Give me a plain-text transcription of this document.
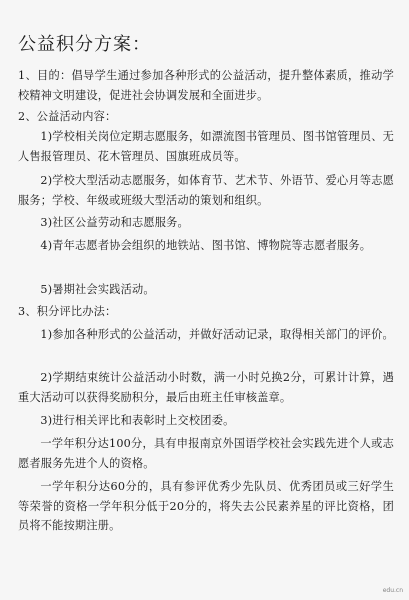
公益积分方案：
1、目的：倡导学生通过参加各种形式的公益活动，提升整体素质，推动学校精神文明建设，促进社会协调发展和全面进步。
2、公益活动内容：
1)学校相关岗位定期志愿服务，如漂流图书管理员、图书馆管理员、无人售报管理员、花木管理员、国旗班成员等。
2)学校大型活动志愿服务，如体育节、艺术节、外语节、爱心月等志愿服务；学校、年级或班级大型活动的策划和组织。
3)社区公益劳动和志愿服务。
4)青年志愿者协会组织的地铁站、图书馆、博物院等志愿者服务。
5)暑期社会实践活动。
3、积分评比办法：
1)参加各种形式的公益活动，并做好活动记录，取得相关部门的评价。
2)学期结束统计公益活动小时数，满一小时兑换2分，可累计计算，遇重大活动可以获得奖励积分，最后由班主任审核盖章。
3)进行相关评比和表彰时上交校团委。
一学年积分达100分，具有申报南京外国语学校社会实践先进个人或志愿者服务先进个人的资格。
一学年积分达60分的，具有参评优秀少先队员、优秀团员或三好学生等荣誉的资格一学年积分低于20分的，将失去公民素养星的评比资格，团员将不能按期注册。
edu.cn
